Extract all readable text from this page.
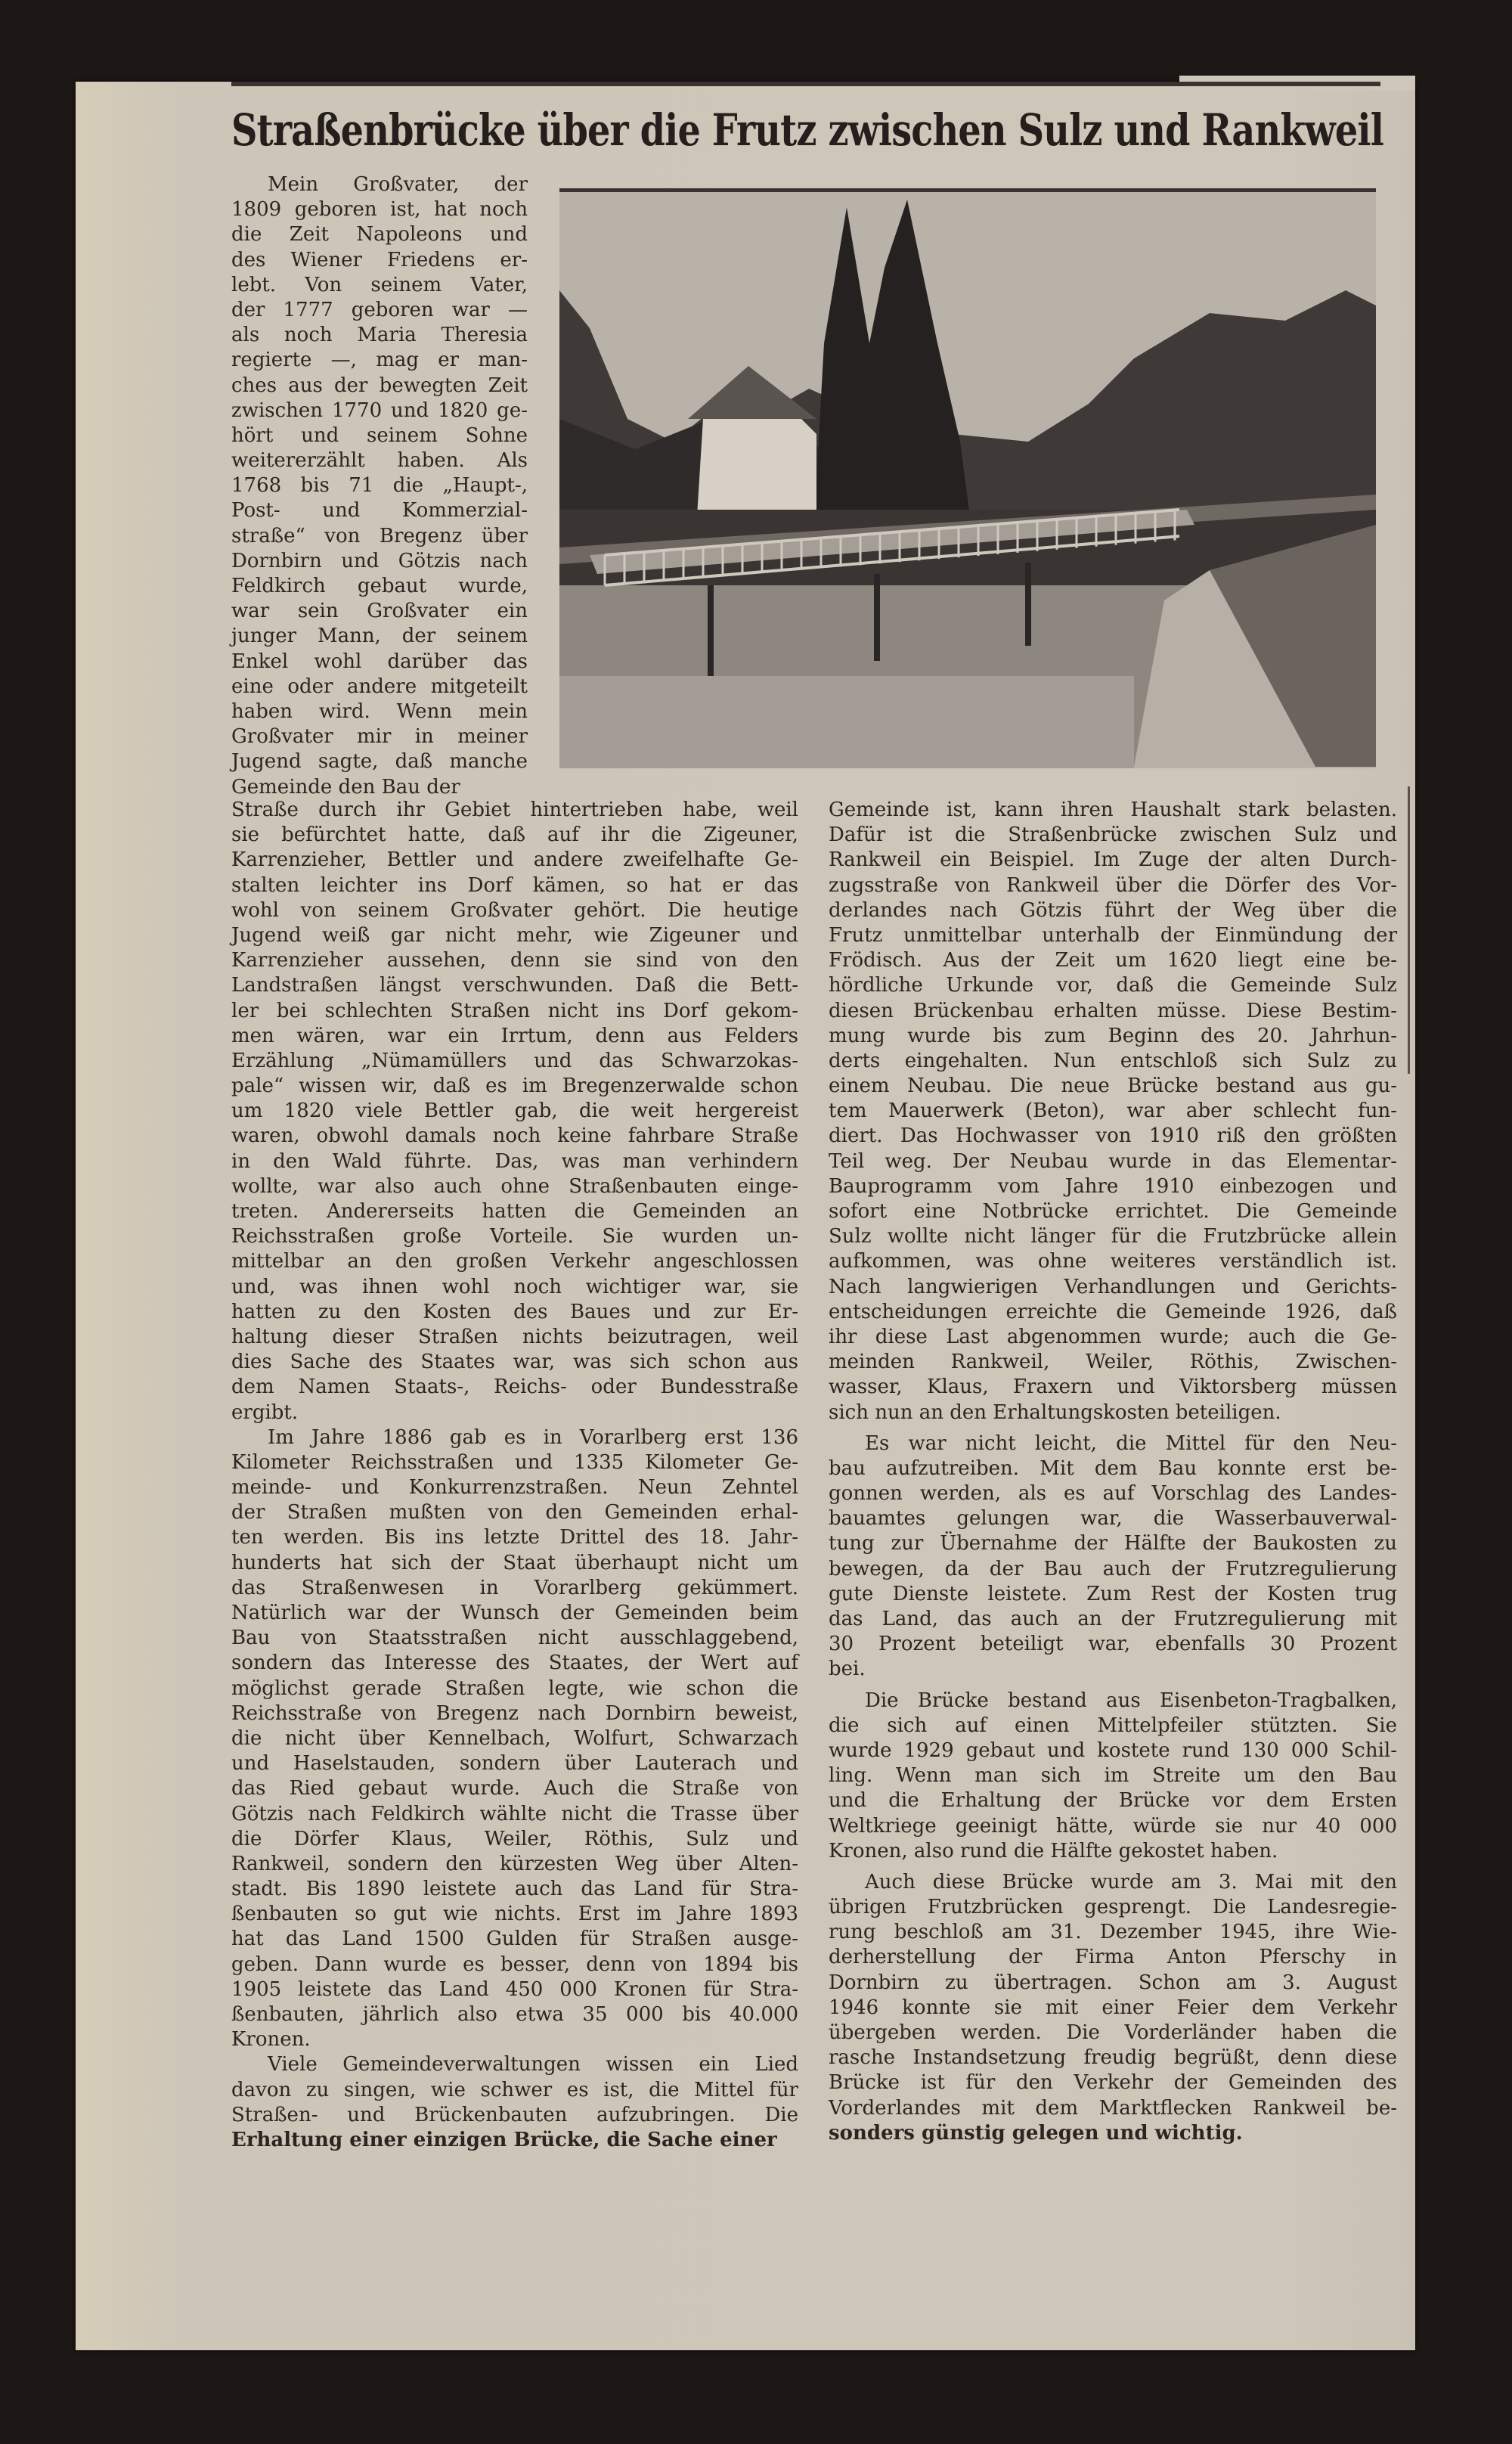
Straßenbrücke über die Frutz zwischen Sulz und Rankweil
Mein Großvater, der
1809 geboren ist, hat noch
die Zeit Napoleons und
des Wiener Friedens er-
lebt. Von seinem Vater,
der 1777 geboren war —
als noch Maria Theresia
regierte —, mag er man-
ches aus der bewegten Zeit
zwischen 1770 und 1820 ge-
hört und seinem Sohne
weitererzählt haben. Als
1768 bis 71 die „Haupt-,
Post- und Kommerzial-
straße“ von Bregenz über
Dornbirn und Götzis nach
Feldkirch gebaut wurde,
war sein Großvater ein
junger Mann, der seinem
Enkel wohl darüber das
eine oder andere mitgeteilt
haben wird. Wenn mein
Großvater mir in meiner
Jugend sagte, daß manche
Gemeinde den Bau der
Straße durch ihr Gebiet hintertrieben habe, weil
sie befürchtet hatte, daß auf ihr die Zigeuner,
Karrenzieher, Bettler und andere zweifelhafte Ge-
stalten leichter ins Dorf kämen, so hat er das
wohl von seinem Großvater gehört. Die heutige
Jugend weiß gar nicht mehr, wie Zigeuner und
Karrenzieher aussehen, denn sie sind von den
Landstraßen längst verschwunden. Daß die Bett-
ler bei schlechten Straßen nicht ins Dorf gekom-
men wären, war ein Irrtum, denn aus Felders
Erzählung „Nümamüllers und das Schwarzokas-
pale“ wissen wir, daß es im Bregenzerwalde schon
um 1820 viele Bettler gab, die weit hergereist
waren, obwohl damals noch keine fahrbare Straße
in den Wald führte. Das, was man verhindern
wollte, war also auch ohne Straßenbauten einge-
treten. Andererseits hatten die Gemeinden an
Reichsstraßen große Vorteile. Sie wurden un-
mittelbar an den großen Verkehr angeschlossen
und, was ihnen wohl noch wichtiger war, sie
hatten zu den Kosten des Baues und zur Er-
haltung dieser Straßen nichts beizutragen, weil
dies Sache des Staates war, was sich schon aus
dem Namen Staats-, Reichs- oder Bundesstraße
ergibt.
Im Jahre 1886 gab es in Vorarlberg erst 136
Kilometer Reichsstraßen und 1335 Kilometer Ge-
meinde- und Konkurrenzstraßen. Neun Zehntel
der Straßen mußten von den Gemeinden erhal-
ten werden. Bis ins letzte Drittel des 18. Jahr-
hunderts hat sich der Staat überhaupt nicht um
das Straßenwesen in Vorarlberg gekümmert.
Natürlich war der Wunsch der Gemeinden beim
Bau von Staatsstraßen nicht ausschlaggebend,
sondern das Interesse des Staates, der Wert auf
möglichst gerade Straßen legte, wie schon die
Reichsstraße von Bregenz nach Dornbirn beweist,
die nicht über Kennelbach, Wolfurt, Schwarzach
und Haselstauden, sondern über Lauterach und
das Ried gebaut wurde. Auch die Straße von
Götzis nach Feldkirch wählte nicht die Trasse über
die Dörfer Klaus, Weiler, Röthis, Sulz und
Rankweil, sondern den kürzesten Weg über Alten-
stadt. Bis 1890 leistete auch das Land für Stra-
ßenbauten so gut wie nichts. Erst im Jahre 1893
hat das Land 1500 Gulden für Straßen ausge-
geben. Dann wurde es besser, denn von 1894 bis
1905 leistete das Land 450 000 Kronen für Stra-
ßenbauten, jährlich also etwa 35 000 bis 40.000
Kronen.
Viele Gemeindeverwaltungen wissen ein Lied
davon zu singen, wie schwer es ist, die Mittel für
Straßen- und Brückenbauten aufzubringen. Die
Erhaltung einer einzigen Brücke, die Sache einer
Gemeinde ist, kann ihren Haushalt stark belasten.
Dafür ist die Straßenbrücke zwischen Sulz und
Rankweil ein Beispiel. Im Zuge der alten Durch-
zugsstraße von Rankweil über die Dörfer des Vor-
derlandes nach Götzis führt der Weg über die
Frutz unmittelbar unterhalb der Einmündung der
Frödisch. Aus der Zeit um 1620 liegt eine be-
hördliche Urkunde vor, daß die Gemeinde Sulz
diesen Brückenbau erhalten müsse. Diese Bestim-
mung wurde bis zum Beginn des 20. Jahrhun-
derts eingehalten. Nun entschloß sich Sulz zu
einem Neubau. Die neue Brücke bestand aus gu-
tem Mauerwerk (Beton), war aber schlecht fun-
diert. Das Hochwasser von 1910 riß den größten
Teil weg. Der Neubau wurde in das Elementar-
Bauprogramm vom Jahre 1910 einbezogen und
sofort eine Notbrücke errichtet. Die Gemeinde
Sulz wollte nicht länger für die Frutzbrücke allein
aufkommen, was ohne weiteres verständlich ist.
Nach langwierigen Verhandlungen und Gerichts-
entscheidungen erreichte die Gemeinde 1926, daß
ihr diese Last abgenommen wurde; auch die Ge-
meinden Rankweil, Weiler, Röthis, Zwischen-
wasser, Klaus, Fraxern und Viktorsberg müssen
sich nun an den Erhaltungskosten beteiligen.
Es war nicht leicht, die Mittel für den Neu-
bau aufzutreiben. Mit dem Bau konnte erst be-
gonnen werden, als es auf Vorschlag des Landes-
bauamtes gelungen war, die Wasserbauverwal-
tung zur Übernahme der Hälfte der Baukosten zu
bewegen, da der Bau auch der Frutzregulierung
gute Dienste leistete. Zum Rest der Kosten trug
das Land, das auch an der Frutzregulierung mit
30 Prozent beteiligt war, ebenfalls 30 Prozent
bei.
Die Brücke bestand aus Eisenbeton-Tragbalken,
die sich auf einen Mittelpfeiler stützten. Sie
wurde 1929 gebaut und kostete rund 130 000 Schil-
ling. Wenn man sich im Streite um den Bau
und die Erhaltung der Brücke vor dem Ersten
Weltkriege geeinigt hätte, würde sie nur 40 000
Kronen, also rund die Hälfte gekostet haben.
Auch diese Brücke wurde am 3. Mai mit den
übrigen Frutzbrücken gesprengt. Die Landesregie-
rung beschloß am 31. Dezember 1945, ihre Wie-
derherstellung der Firma Anton Pferschy in
Dornbirn zu übertragen. Schon am 3. August
1946 konnte sie mit einer Feier dem Verkehr
übergeben werden. Die Vorderländer haben die
rasche Instandsetzung freudig begrüßt, denn diese
Brücke ist für den Verkehr der Gemeinden des
Vorderlandes mit dem Marktflecken Rankweil be-
sonders günstig gelegen und wichtig.
